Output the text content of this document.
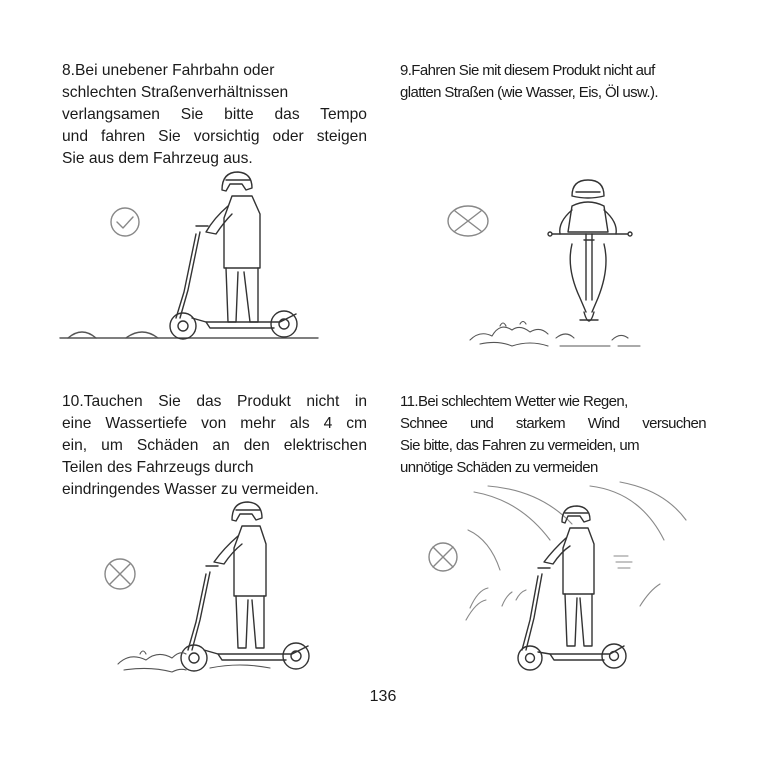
8.Bei unebener Fahrbahn oder
schlechten Straßenverhältnissen
verlangsamen Sie bitte das Tempo
und fahren Sie vorsichtig oder steigen
Sie aus dem Fahrzeug aus.
9.Fahren Sie mit diesem Produkt nicht auf
glatten Straßen (wie Wasser, Eis, Öl usw.).
10.Tauchen Sie das Produkt nicht in
eine Wassertiefe von mehr als 4 cm
ein, um Schäden an den elektrischen
Teilen des Fahrzeugs durch
eindringendes Wasser zu vermeiden.
11.Bei schlechtem Wetter wie Regen,
Schnee und starkem Wind versuchen
Sie bitte, das Fahren zu vermeiden, um
unnötige Schäden zu vermeiden
136
